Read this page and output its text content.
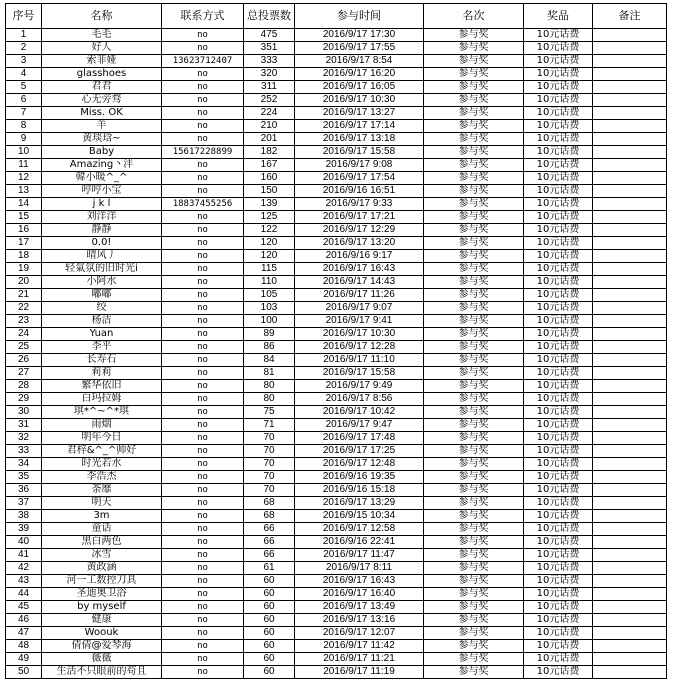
序号	名称	联系方式	总投票数	参与时间	名次	奖品	备注
1	毛毛	no	475	2016/9/17 17:30	参与奖	10元话费	
2	好人	no	351	2016/9/17 17:55	参与奖	10元话费	
3	索菲娅	13623712407	333	2016/9/17 8:54	参与奖	10元话费	
4	glasshoes	no	320	2016/9/17 16:20	参与奖	10元话费	
5	君君	no	311	2016/9/17 16:05	参与奖	10元话费	
6	心无旁骛	no	252	2016/9/17 10:30	参与奖	10元话费	
7	Miss. OK	no	224	2016/9/17 13:27	参与奖	10元话费	
8	羊	no	210	2016/9/17 17:14	参与奖	10元话费	
9	黄琰琀~	no	201	2016/9/17 13:18	参与奖	10元话费	
10	Baby	15617228899	182	2016/9/17 15:58	参与奖	10元话费	
11	Amazing丶沣	no	167	2016/9/17 9:08	参与奖	10元话费	
12	韓小暖^_^	no	160	2016/9/17 17:54	参与奖	10元话费	
13	哼哼小宝	no	150	2016/9/16 16:51	参与奖	10元话费	
14	j k l	18837455256	139	2016/9/17 9:33	参与奖	10元话费	
15	刘洋洋	no	125	2016/9/17 17:21	参与奖	10元话费	
16	静静	no	122	2016/9/17 12:29	参与奖	10元话费	
17	0.0!	no	120	2016/9/17 13:20	参与奖	10元话费	
18	晴风丿	no	120	2016/9/16 9:17	参与奖	10元话费	
19	轻氣氛的旧时光i	no	115	2016/9/17 16:43	参与奖	10元话费	
20	小阿水	no	110	2016/9/17 14:43	参与奖	10元话费	
21	嘟嘟	no	105	2016/9/17 11:26	参与奖	10元话费	
22	绞	no	103	2016/9/17 9:07	参与奖	10元话费	
23	杨洁	no	100	2016/9/17 9:41	参与奖	10元话费	
24	Yuan	no	89	2016/9/17 10:30	参与奖	10元话费	
25	李平	no	86	2016/9/17 12:28	参与奖	10元话费	
26	长寿石	no	84	2016/9/17 11:10	参与奖	10元话费	
27	莉莉	no	81	2016/9/17 15:58	参与奖	10元话费	
28	繁华依旧	no	80	2016/9/17 9:49	参与奖	10元话费	
29	白玛拉姆	no	80	2016/9/17 8:56	参与奖	10元话费	
30	琪*^~^*琪	no	75	2016/9/17 10:42	参与奖	10元话费	
31	雨烟	no	71	2016/9/17 9:47	参与奖	10元话费	
32	明年今日	no	70	2016/9/17 17:48	参与奖	10元话费	
33	君梓&^_^帅好	no	70	2016/9/17 17:25	参与奖	10元话费	
34	时光若水	no	70	2016/9/17 12:48	参与奖	10元话费	
35	李浩杰	no	70	2016/9/16 19:35	参与奖	10元话费	
36	荼靡	no	70	2016/9/16 15:18	参与奖	10元话费	
37	明天	no	68	2016/9/17 13:29	参与奖	10元话费	
38	3m	no	68	2016/9/15 10:34	参与奖	10元话费	
39	童话	no	66	2016/9/17 12:58	参与奖	10元话费	
40	黑白两色	no	66	2016/9/16 22:41	参与奖	10元话费	
41	冰雪	no	66	2016/9/17 11:47	参与奖	10元话费	
42	黄政涵	no	61	2016/9/17 8:11	参与奖	10元话费	
43	河一工数控刀具	no	60	2016/9/17 16:43	参与奖	10元话费	
44	圣迪奥卫浴	no	60	2016/9/17 16:40	参与奖	10元话费	
45	by myself	no	60	2016/9/17 13:49	参与奖	10元话费	
46	健康	no	60	2016/9/17 13:16	参与奖	10元话费	
47	Woouk	no	60	2016/9/17 12:07	参与奖	10元话费	
48	倩倩@爱琴海	no	60	2016/9/17 11:42	参与奖	10元话费	
49	薇薇	no	60	2016/9/17 11:21	参与奖	10元话费	
50	生活不只眼前的苟且	no	60	2016/9/17 11:19	参与奖	10元话费	
